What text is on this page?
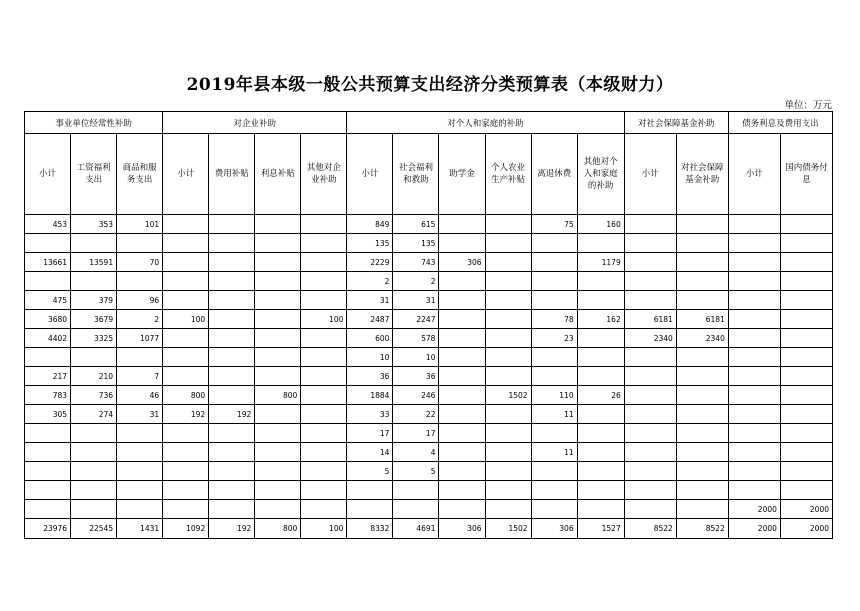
2019年县本级一般公共预算支出经济分类预算表（本级财力）
单位：万元
事业单位经常性补助			对企业补助				对个人和家庭的补助						对社会保障基金补助		债务利息及费用支出	
小计	工资福利支出	商品和服务支出	小计	费用补贴	利息补贴	其他对企业补助	小计	社会福利和救助	助学金	个人农业生产补贴	离退休费	其他对个人和家庭的补助	小计	对社会保障基金补助	小计	国内债务付息
453	353	101					849	615			75	160				
							135	135								
13661	13591	70					2229	743	306			1179				
							2	2								
475	379	96					31	31								
3680	3679	2	100			100	2487	2247			78	162	6181	6181		
4402	3325	1077					600	578			23		2340	2340		
							10	10								
217	210	7					36	36								
783	736	46	800		800		1884	246		1502	110	26				
305	274	31	192	192			33	22			11					
							17	17								
							14	4			11					
							5	5								

															2000	2000
23976	22545	1431	1092	192	800	100	8332	4691	306	1502	306	1527	8522	8522	2000	2000
